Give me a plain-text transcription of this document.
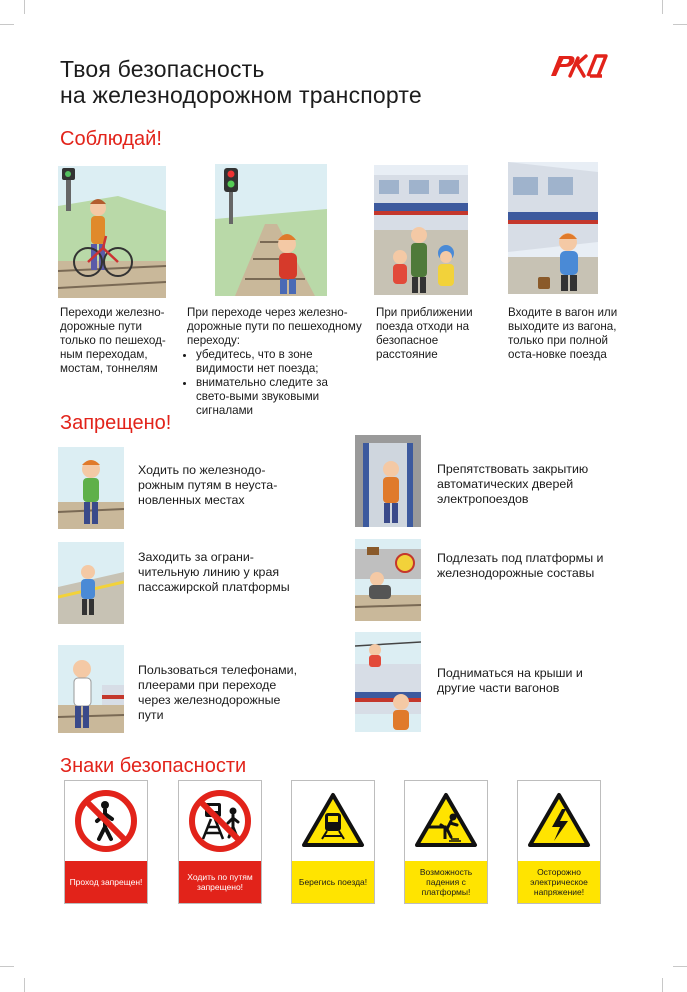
Твоя безопасность
на железнодорожном транспорте
Соблюдай!
Переходи железно-дорожные пути только по пешеход-ным переходам, мостам, тоннелям
При переходе через железно-дорожные пути по пешеходному переходу:
• убедитесь, что в зоне видимости нет поезда;
• внимательно следите за свето-выми звуковыми сигналами
При приближении поезда отходи на безопасное расстояние
Входите в вагон или выходите из вагона, только при полной оста-новке поезда
Запрещено!
Ходить по железнодо-рожным путям в неуста-новленных местах
Заходить за ограни-чительную линию у края пассажирской платформы
Пользоваться телефонами, плеерами при переходе через железнодорожные пути
Препятствовать закрытию автоматических дверей электропоездов
Подлезать под платформы и железнодорожные составы
Подниматься на крыши и другие части вагонов
Знаки безопасности
Проход запрещен!	Ходить по путям запрещено!	Берегись поезда!
Возможность падения с платформы!
Осторожно электрическое напряжение!
